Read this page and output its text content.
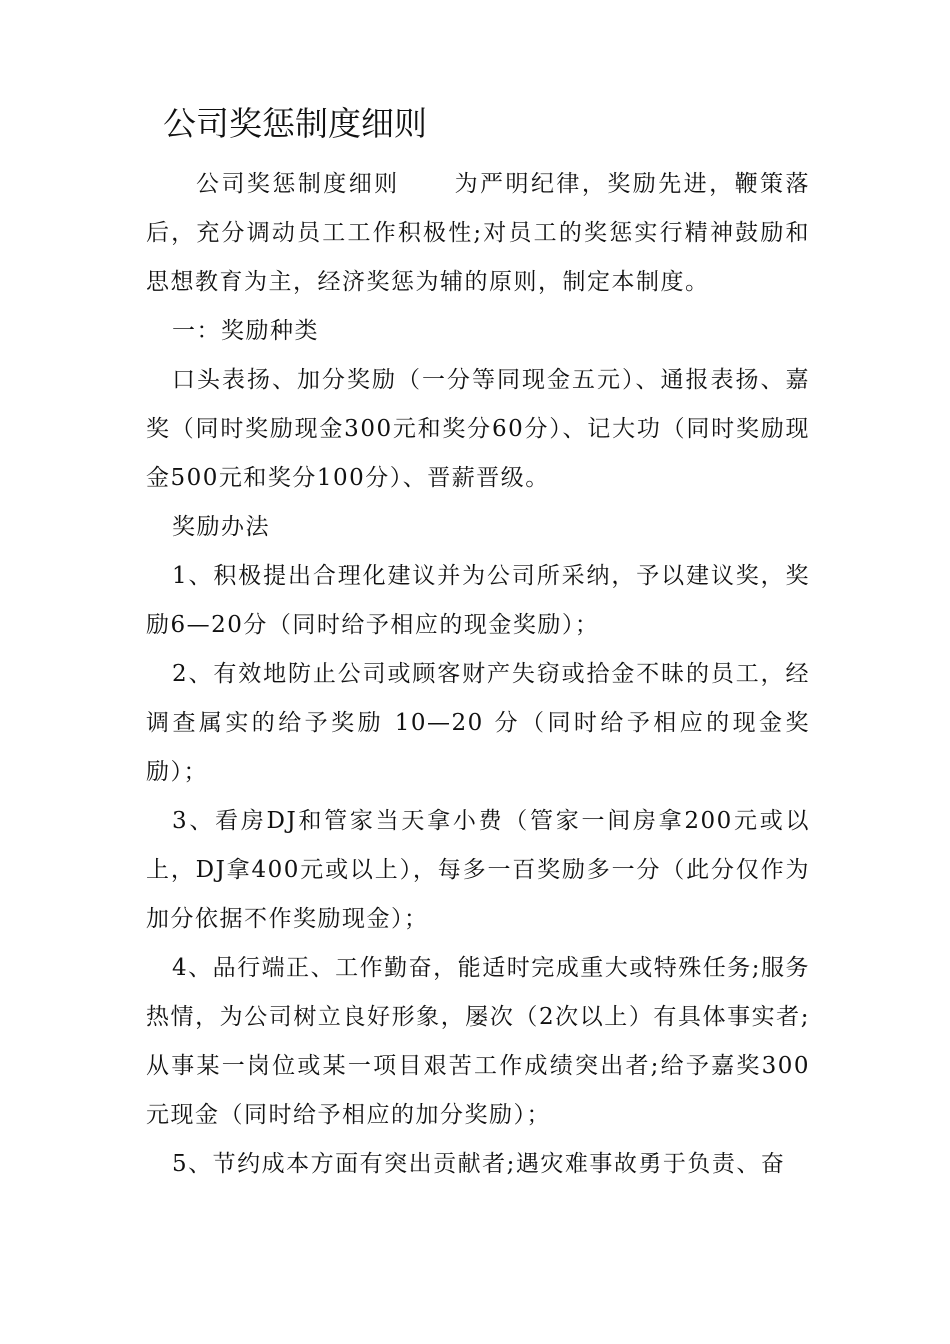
公司奖惩制度细则

公司奖惩制度细则 为严明纪律，奖励先进，鞭策落后，充分调动员工工作积极性;对员工的奖惩实行精神鼓励和思想教育为主，经济奖惩为辅的原则，制定本制度。

一：奖励种类

口头表扬、加分奖励（一分等同现金五元）、通报表扬、嘉奖（同时奖励现金300元和奖分60分）、记大功（同时奖励现金500元和奖分100分）、晋薪晋级。

奖励办法

1、积极提出合理化建议并为公司所采纳，予以建议奖，奖励6—20分（同时给予相应的现金奖励）；

2、有效地防止公司或顾客财产失窃或拾金不昧的员工，经调查属实的给予奖励 10—20 分（同时给予相应的现金奖励）；

3、看房DJ和管家当天拿小费（管家一间房拿200元或以上，DJ拿400元或以上），每多一百奖励多一分（此分仅作为加分依据不作奖励现金）；

4、品行端正、工作勤奋，能适时完成重大或特殊任务;服务热情，为公司树立良好形象，屡次（2次以上）有具体事实者;从事某一岗位或某一项目艰苦工作成绩突出者;给予嘉奖300元现金（同时给予相应的加分奖励）；

5、节约成本方面有突出贡献者;遇灾难事故勇于负责、奋
